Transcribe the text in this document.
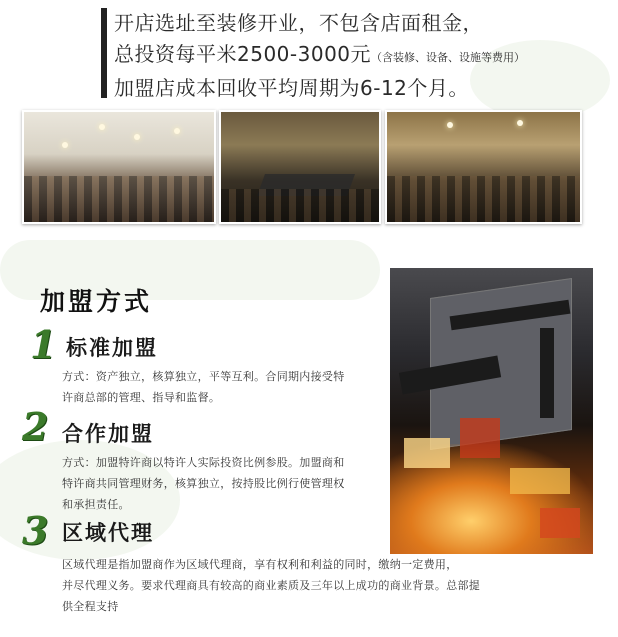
开店选址至装修开业，不包含店面租金，
总投资每平米2500-3000元（含装修、设备、设施等费用）
加盟店成本回收平均周期为6-12个月。
加盟方式
1 标准加盟
方式：资产独立，核算独立，平等互利。合同期内接受特
许商总部的管理、指导和监督。
2 合作加盟
方式：加盟特许商以特许人实际投资比例参股。加盟商和
特许商共同管理财务，核算独立，按持股比例行使管理权
和承担责任。
3 区域代理
区域代理是指加盟商作为区域代理商，享有权利和利益的同时，缴纳一定费用，
并尽代理义务。要求代理商具有较高的商业素质及三年以上成功的商业背景。总部提
供全程支持
